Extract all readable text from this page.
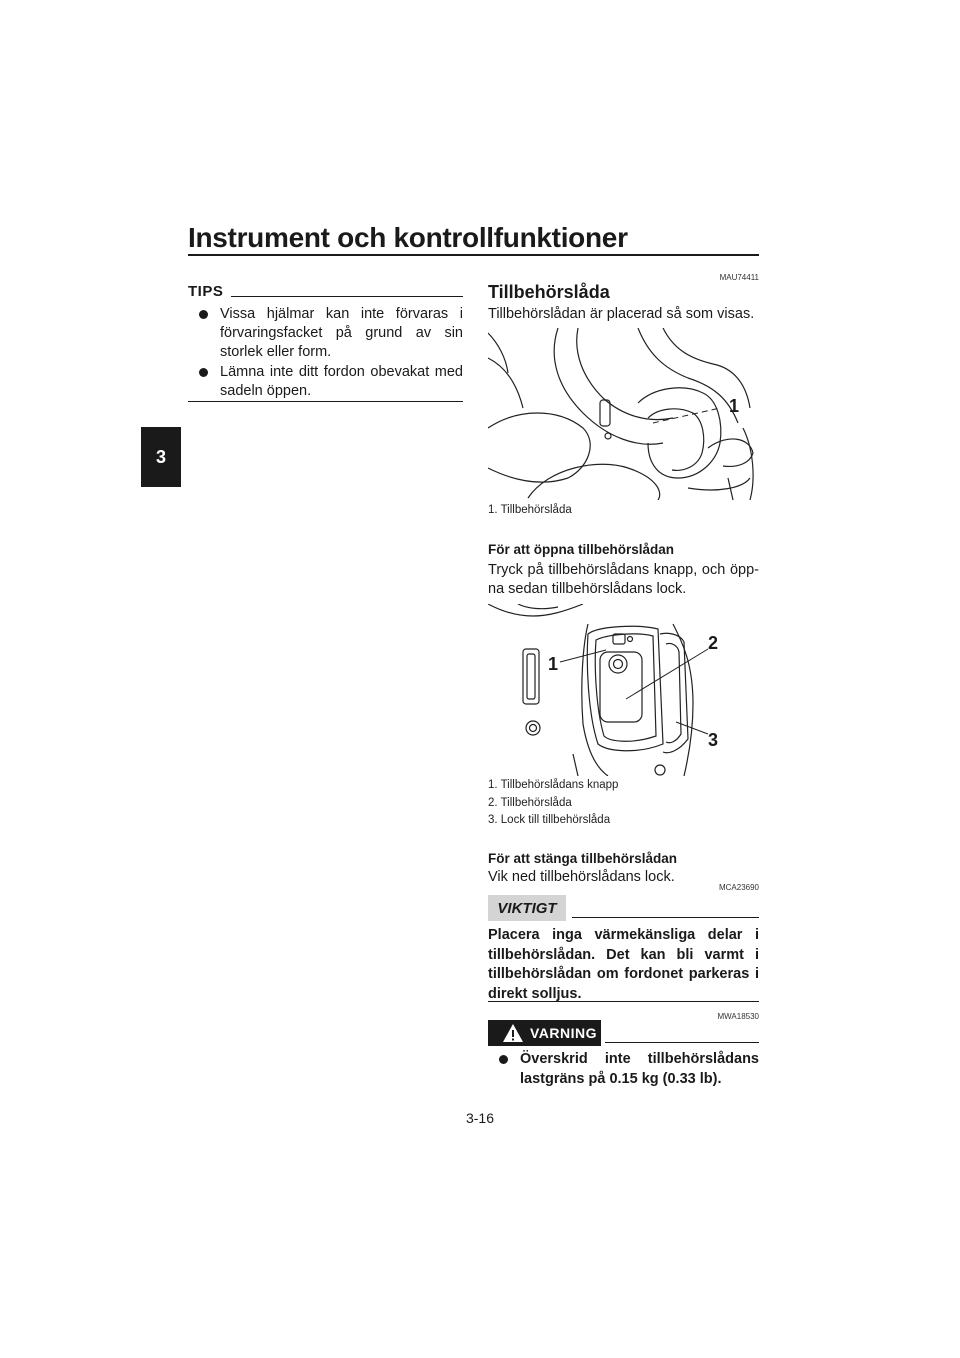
Instrument och kontrollfunktioner
3
TIPS
Vissa hjälmar kan inte förvaras i förvaringsfacket på grund av sin storlek eller form.
Lämna inte ditt fordon obevakat med sadeln öppen.
MAU74411
Tillbehörslåda
Tillbehörslådan är placerad så som visas.
1
1. Tillbehörslåda
För att öppna tillbehörslådan
Tryck på tillbehörslådans knapp, och öppna sedan tillbehörslådans lock.
1
2
3
1. Tillbehörslådans knapp
2. Tillbehörslåda
3. Lock till tillbehörslåda
För att stänga tillbehörslådan
Vik ned tillbehörslådans lock.
MCA23690
VIKTIGT
Placera inga värmekänsliga delar i tillbehörslådan. Det kan bli varmt i tillbehörslådan om fordonet parkeras i direkt solljus.
MWA18530
VARNING
Överskrid inte tillbehörslådans lastgräns på 0.15 kg (0.33 lb).
3-16
